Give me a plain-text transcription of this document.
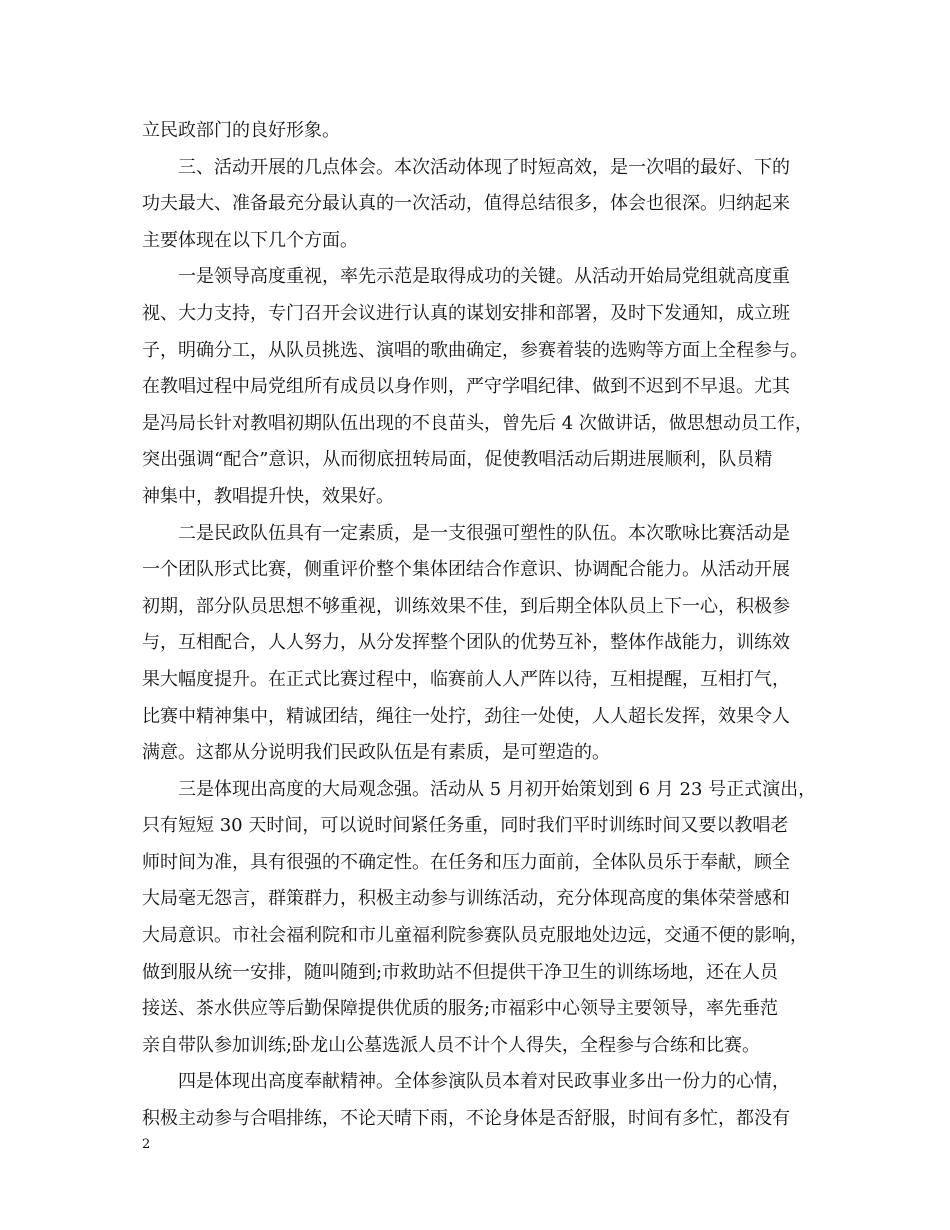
立民政部门的良好形象。
三、活动开展的几点体会。本次活动体现了时短高效，是一次唱的最好、下的
功夫最大、准备最充分最认真的一次活动，值得总结很多，体会也很深。归纳起来
主要体现在以下几个方面。
一是领导高度重视，率先示范是取得成功的关键。从活动开始局党组就高度重
视、大力支持，专门召开会议进行认真的谋划安排和部署，及时下发通知，成立班
子，明确分工，从队员挑选、演唱的歌曲确定，参赛着装的选购等方面上全程参与。
在教唱过程中局党组所有成员以身作则，严守学唱纪律、做到不迟到不早退。尤其
是冯局长针对教唱初期队伍出现的不良苗头，曾先后 4 次做讲话，做思想动员工作，
突出强调“配合”意识，从而彻底扭转局面，促使教唱活动后期进展顺利，队员精
神集中，教唱提升快，效果好。
二是民政队伍具有一定素质，是一支很强可塑性的队伍。本次歌咏比赛活动是
一个团队形式比赛，侧重评价整个集体团结合作意识、协调配合能力。从活动开展
初期，部分队员思想不够重视，训练效果不佳，到后期全体队员上下一心，积极参
与，互相配合，人人努力，从分发挥整个团队的优势互补，整体作战能力，训练效
果大幅度提升。在正式比赛过程中，临赛前人人严阵以待，互相提醒，互相打气，
比赛中精神集中，精诚团结，绳往一处拧，劲往一处使，人人超长发挥，效果令人
满意。这都从分说明我们民政队伍是有素质，是可塑造的。
三是体现出高度的大局观念强。活动从 5 月初开始策划到 6 月 23 号正式演出，
只有短短 30 天时间，可以说时间紧任务重，同时我们平时训练时间又要以教唱老
师时间为准，具有很强的不确定性。在任务和压力面前，全体队员乐于奉献，顾全
大局毫无怨言，群策群力，积极主动参与训练活动，充分体现高度的集体荣誉感和
大局意识。市社会福利院和市儿童福利院参赛队员克服地处边远，交通不便的影响，
做到服从统一安排，随叫随到;市救助站不但提供干净卫生的训练场地，还在人员
接送、茶水供应等后勤保障提供优质的服务;市福彩中心领导主要领导，率先垂范
亲自带队参加训练;卧龙山公墓选派人员不计个人得失，全程参与合练和比赛。
四是体现出高度奉献精神。全体参演队员本着对民政事业多出一份力的心情，
积极主动参与合唱排练，不论天晴下雨，不论身体是否舒服，时间有多忙，都没有
2
